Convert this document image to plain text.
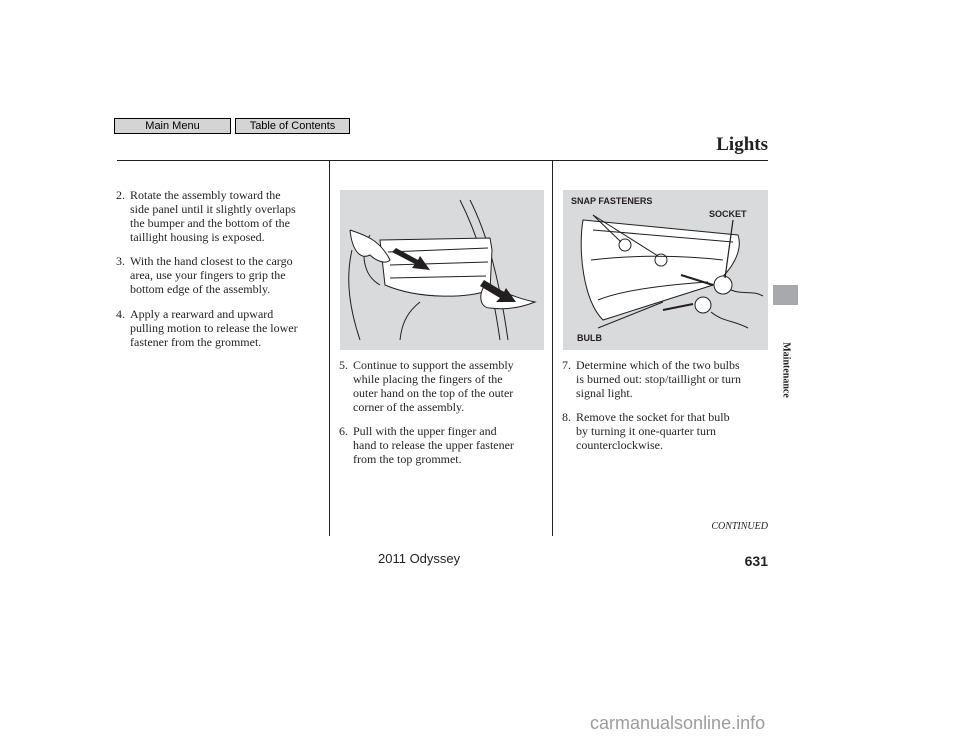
Main Menu	Table of Contents
Lights
Maintenance
2. Rotate the assembly toward the
side panel until it slightly overlaps
the bumper and the bottom of the
taillight housing is exposed.
3. With the hand closest to the cargo
area, use your fingers to grip the
bottom edge of the assembly.
4. Apply a rearward and upward
pulling motion to release the lower
fastener from the grommet.
SNAP FASTENERS
SOCKET
BULB
5. Continue to support the assembly
while placing the fingers of the
outer hand on the top of the outer
corner of the assembly.
6. Pull with the upper finger and
hand to release the upper fastener
from the top grommet.
7. Determine which of the two bulbs
is burned out: stop/taillight or turn
signal light.
8. Remove the socket for that bulb
by turning it one-quarter turn
counterclockwise.
CONTINUED
2011 Odyssey	631
carmanualsonline.info
